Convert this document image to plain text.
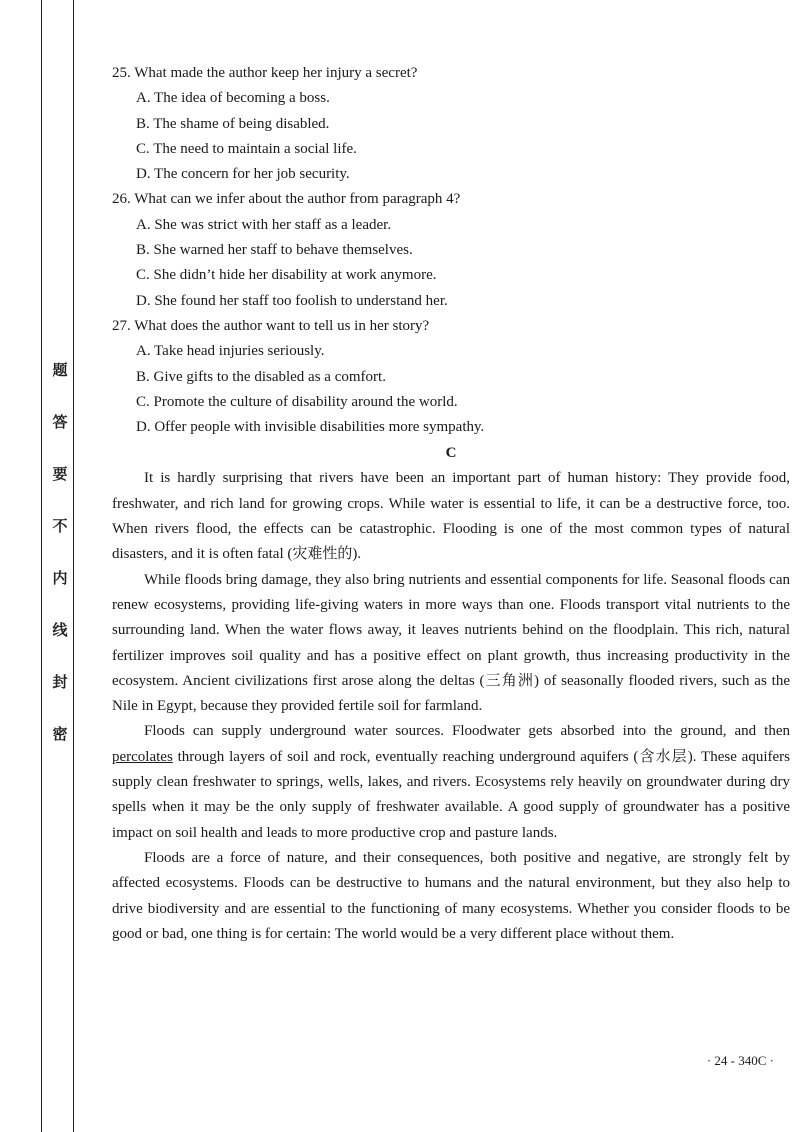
题
答
要
不
内
线
封
密

25. What made the author keep her injury a secret?

A. The idea of becoming a boss.

B. The shame of being disabled.

C. The need to maintain a social life.

D. The concern for her job security.

26. What can we infer about the author from paragraph 4?

A. She was strict with her staff as a leader.

B. She warned her staff to behave themselves.

C. She didn’t hide her disability at work anymore.

D. She found her staff too foolish to understand her.

27. What does the author want to tell us in her story?

A. Take head injuries seriously.

B. Give gifts to the disabled as a comfort.

C. Promote the culture of disability around the world.

D. Offer people with invisible disabilities more sympathy.

C

It is hardly surprising that rivers have been an important part of human history: They provide food, freshwater, and rich land for growing crops. While water is essential to life, it can be a destructive force, too. When rivers flood, the effects can be catastrophic. Flooding is one of the most common types of natural disasters, and it is often fatal (灾难性的).

While floods bring damage, they also bring nutrients and essential components for life. Seasonal floods can renew ecosystems, providing life-giving waters in more ways than one. Floods transport vital nutrients to the surrounding land. When the water flows away, it leaves nutrients behind on the floodplain. This rich, natural fertilizer improves soil quality and has a positive effect on plant growth, thus increasing productivity in the ecosystem. Ancient civilizations first arose along the deltas (三角洲) of seasonally flooded rivers, such as the Nile in Egypt, because they provided fertile soil for farmland.

Floods can supply underground water sources. Floodwater gets absorbed into the ground, and then percolates through layers of soil and rock, eventually reaching underground aquifers (含水层). These aquifers supply clean freshwater to springs, wells, lakes, and rivers. Ecosystems rely heavily on groundwater during dry spells when it may be the only supply of freshwater available. A good supply of groundwater has a positive impact on soil health and leads to more productive crop and pasture lands.

Floods are a force of nature, and their consequences, both positive and negative, are strongly felt by affected ecosystems. Floods can be destructive to humans and the natural environment, but they also help to drive biodiversity and are essential to the functioning of many ecosystems. Whether you consider floods to be good or bad, one thing is for certain: The world would be a very different place without them.

· 24 - 340C ·
